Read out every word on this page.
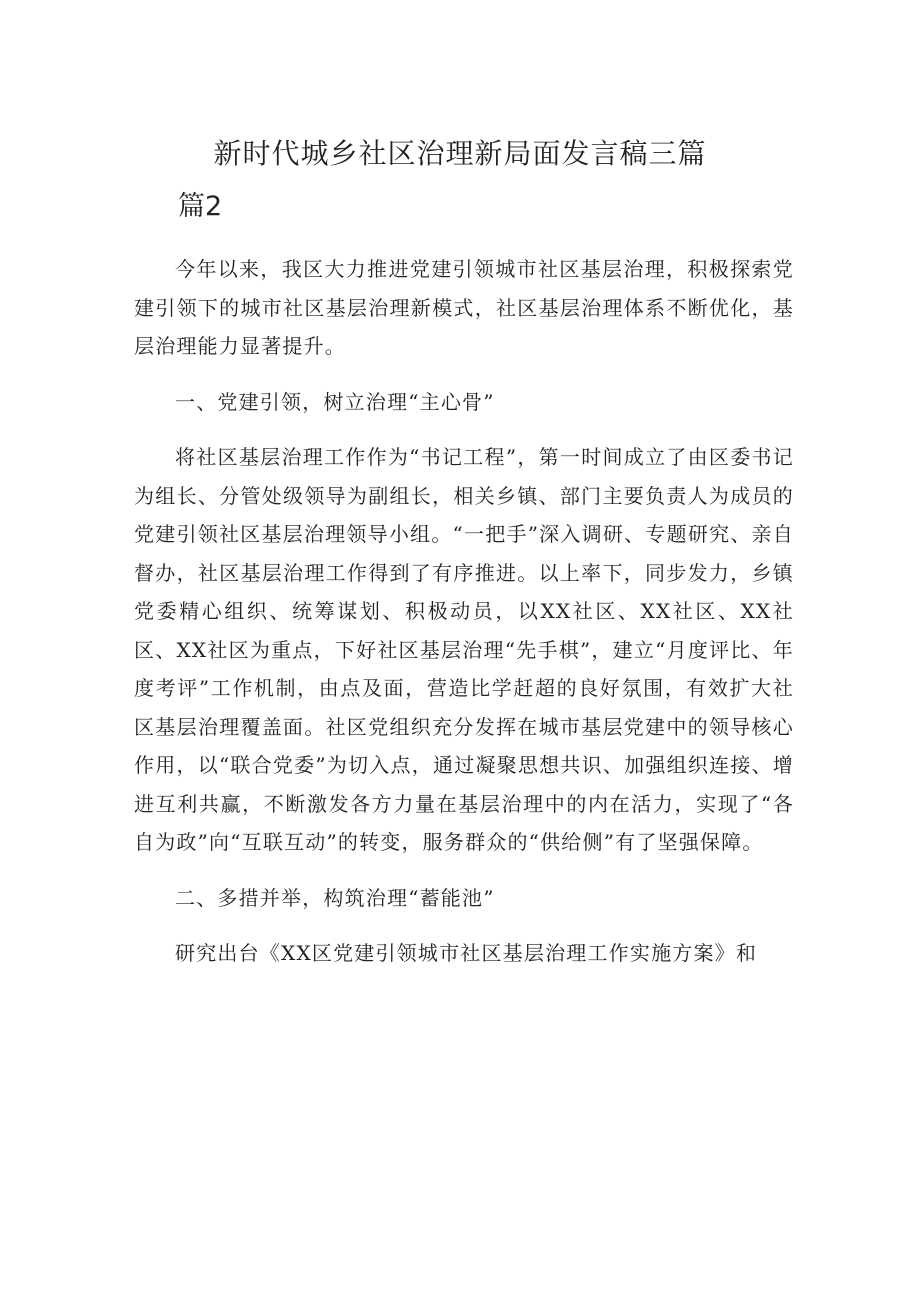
新时代城乡社区治理新局面发言稿三篇
篇2

今年以来，我区大力推进党建引领城市社区基层治理，积极探索党建引领下的城市社区基层治理新模式，社区基层治理体系不断优化，基层治理能力显著提升。

一、党建引领，树立治理“主心骨”

将社区基层治理工作作为“书记工程”，第一时间成立了由区委书记为组长、分管处级领导为副组长，相关乡镇、部门主要负责人为成员的党建引领社区基层治理领导小组。“一把手”深入调研、专题研究、亲自督办，社区基层治理工作得到了有序推进。以上率下，同步发力，乡镇党委精心组织、统筹谋划、积极动员，以XX社区、XX社区、XX社区、XX社区为重点，下好社区基层治理“先手棋”，建立“月度评比、年度考评”工作机制，由点及面，营造比学赶超的良好氛围，有效扩大社区基层治理覆盖面。社区党组织充分发挥在城市基层党建中的领导核心作用，以“联合党委”为切入点，通过凝聚思想共识、加强组织连接、增进互利共赢，不断激发各方力量在基层治理中的内在活力，实现了“各自为政”向“互联互动”的转变，服务群众的“供给侧”有了坚强保障。

二、多措并举，构筑治理“蓄能池”

研究出台《XX区党建引领城市社区基层治理工作实施方案》和
